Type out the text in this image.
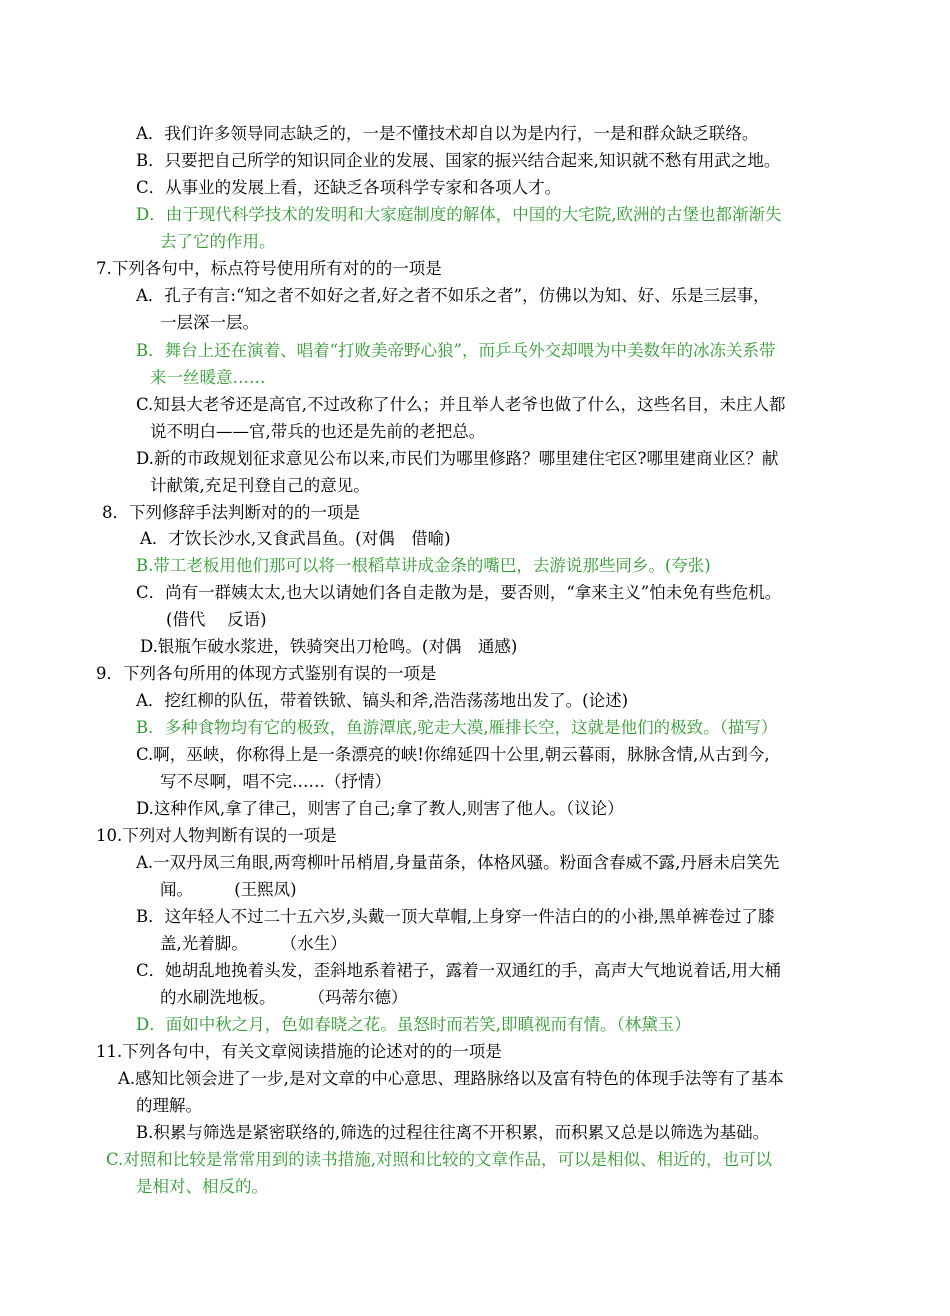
A．我们许多领导同志缺乏的，一是不懂技术却自以为是内行，一是和群众缺乏联络。
B．只要把自己所学的知识同企业的发展、国家的振兴结合起来,知识就不愁有用武之地。
C．从事业的发展上看，还缺乏各项科学专家和各项人才。
D．由于现代科学技术的发明和大家庭制度的解体，中国的大宅院,欧洲的古堡也都渐渐失
去了它的作用。
7.下列各句中，标点符号使用所有对的的一项是
A．孔子有言:“知之者不如好之者,好之者不如乐之者”，仿佛以为知、好、乐是三层事，
一层深一层。
B．舞台上还在演着、唱着“打败美帝野心狼”，而乒乓外交却喂为中美数年的冰冻关系带
来一丝暖意……
C.知县大老爷还是高官,不过改称了什么；并且举人老爷也做了什么，这些名目，未庄人都
说不明白——官,带兵的也还是先前的老把总。
D.新的市政规划征求意见公布以来,市民们为哪里修路？哪里建住宅区?哪里建商业区？献
计献策,充足刊登自己的意见。
8．下列修辞手法判断对的的一项是
A．才饮长沙水,又食武昌鱼。(对偶　借喻)
B.带工老板用他们那可以将一根稻草讲成金条的嘴巴，去游说那些同乡。(夸张)
C．尚有一群姨太太,也大以请她们各自走散为是，要否则，“拿来主义”怕未免有些危机。
(借代　 反语)
D.银瓶乍破水浆进，铁骑突出刀枪鸣。(对偶　通感)
9．下列各句所用的体现方式鉴别有误的一项是
A．挖红柳的队伍，带着铁锨、镐头和斧,浩浩荡荡地出发了。(论述)
B．多种食物均有它的极致，鱼游潭底,驼走大漠,雁排长空，这就是他们的极致。（描写）
C.啊，巫峡，你称得上是一条漂亮的峡!你绵延四十公里,朝云暮雨，脉脉含情,从古到今,
写不尽啊，唱不完……（抒情）
D.这种作风,拿了律己，则害了自己;拿了教人,则害了他人。（议论）
10.下列对人物判断有误的一项是
A.一双丹凤三角眼,两弯柳叶吊梢眉,身量苗条，体格风骚。粉面含春威不露,丹唇未启笑先
闻。　　　(王熙凤)
B．这年轻人不过二十五六岁,头戴一顶大草帽,上身穿一件洁白的的小褂,黑单裤卷过了膝
盖,光着脚。　　　（水生）
C．她胡乱地挽着头发，歪斜地系着裙子，露着一双通红的手，高声大气地说着话,用大桶
的水刷洗地板。　　　（玛蒂尔德）
D．面如中秋之月，色如春晓之花。虽怒时而若笑,即瞋视而有情。（林黛玉）
11.下列各句中，有关文章阅读措施的论述对的的一项是
A.感知比领会进了一步,是对文章的中心意思、理路脉络以及富有特色的体现手法等有了基本
的理解。
B.积累与筛选是紧密联络的,筛选的过程往往离不开积累，而积累又总是以筛选为基础。
C.对照和比较是常常用到的读书措施,对照和比较的文章作品，可以是相似、相近的，也可以
是相对、相反的。
